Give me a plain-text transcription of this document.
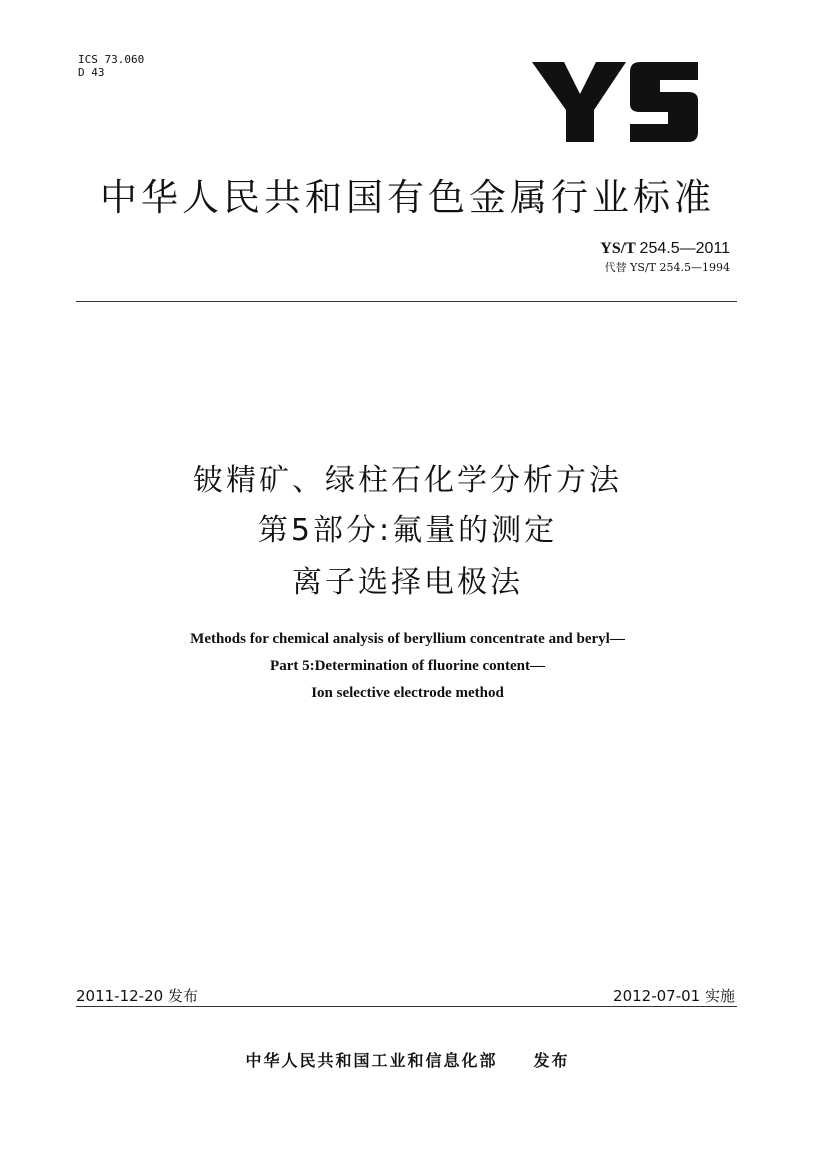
ICS 73.060
D 43
中华人民共和国有色金属行业标准
YS/T 254.5—2011
代替 YS/T 254.5—1994
铍精矿、绿柱石化学分析方法
第5部分:氟量的测定
离子选择电极法
Methods for chemical analysis of beryllium concentrate and beryl—
Part 5:Determination of fluorine content—
Ion selective electrode method
2011-12-20 发布	2012-07-01 实施
中华人民共和国工业和信息化部 发布
